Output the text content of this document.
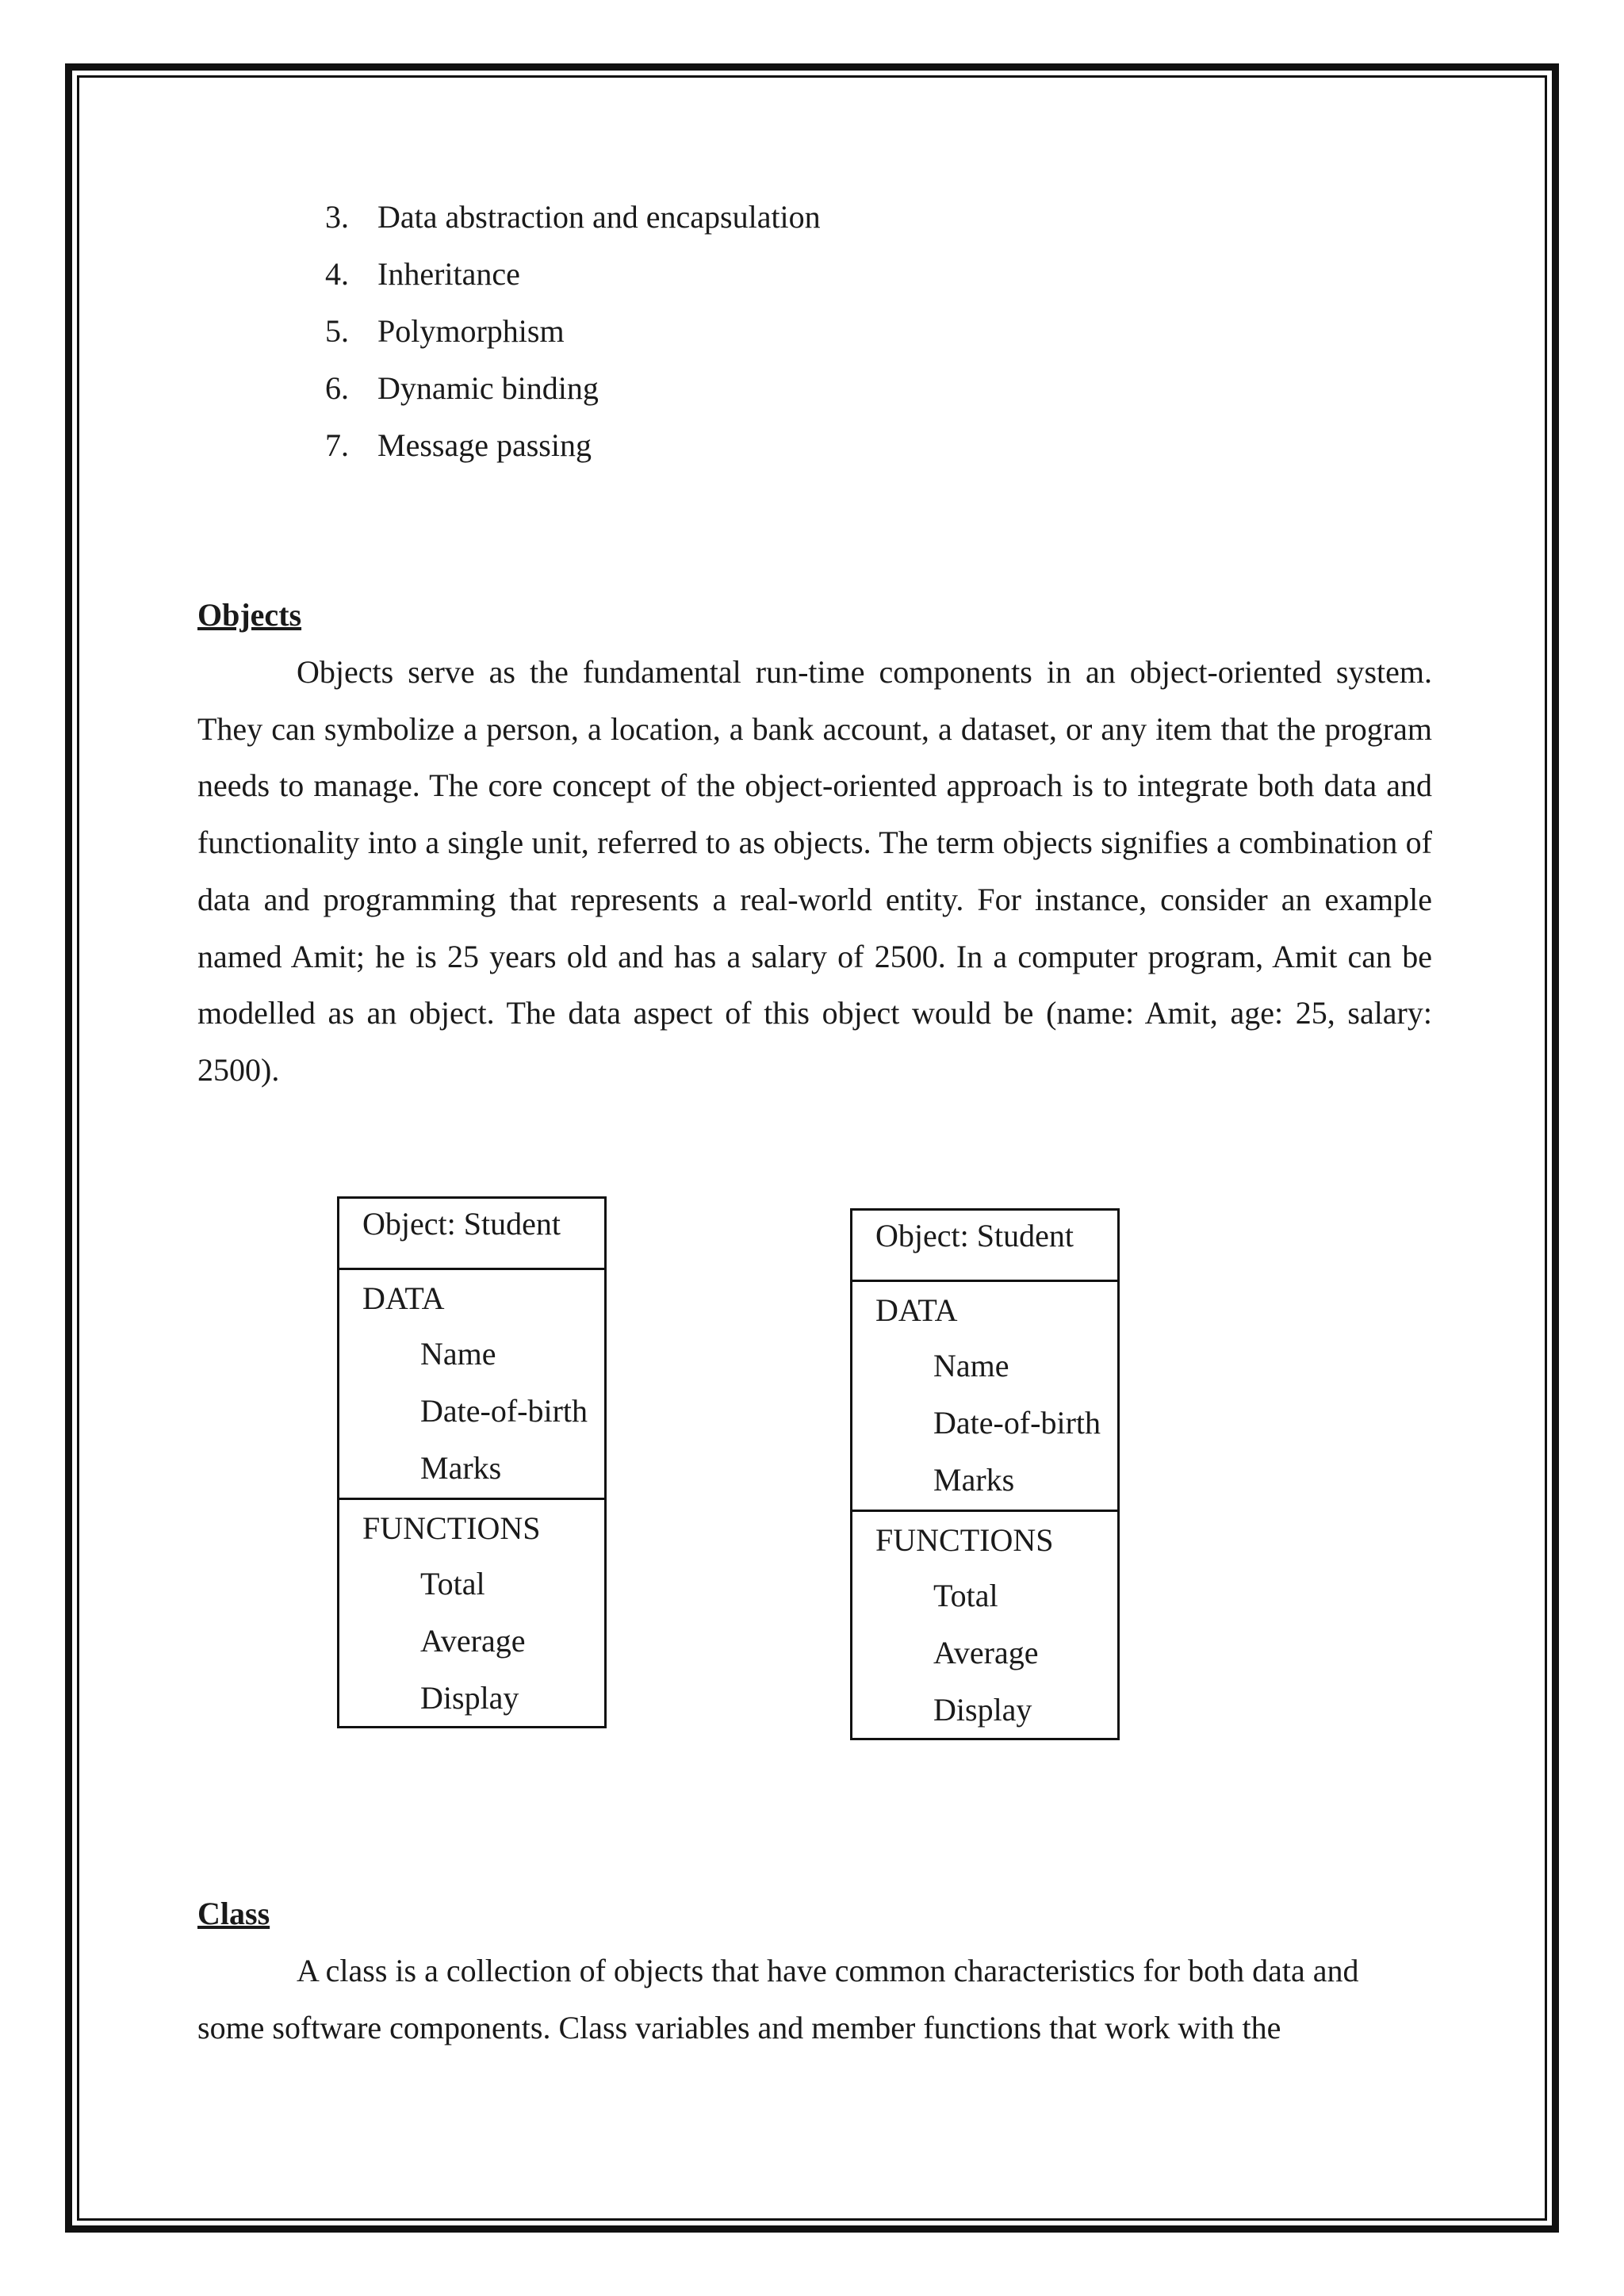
3. Data abstraction and encapsulation
4. Inheritance
5. Polymorphism
6. Dynamic binding
7. Message passing
Objects

Objects serve as the fundamental run-time components in an object-oriented system. They can symbolize a person, a location, a bank account, a dataset, or any item that the program needs to manage. The core concept of the object-oriented approach is to integrate both data and functionality into a single unit, referred to as objects. The term objects signifies a combination of data and programming that represents a real-world entity. For instance, consider an example named Amit; he is 25 years old and has a salary of 2500. In a computer program, Amit can be modelled as an object. The data aspect of this object would be (name: Amit, age: 25, salary: 2500).

Object: Student
DATA
Name
Date-of-birth
Marks
FUNCTIONS
Total
Average
Display
Object: Student
DATA
Name
Date-of-birth
Marks
FUNCTIONS
Total
Average
Display
Class

A class is a collection of objects that have common characteristics for both data and some software components. Class variables and member functions that work with the
